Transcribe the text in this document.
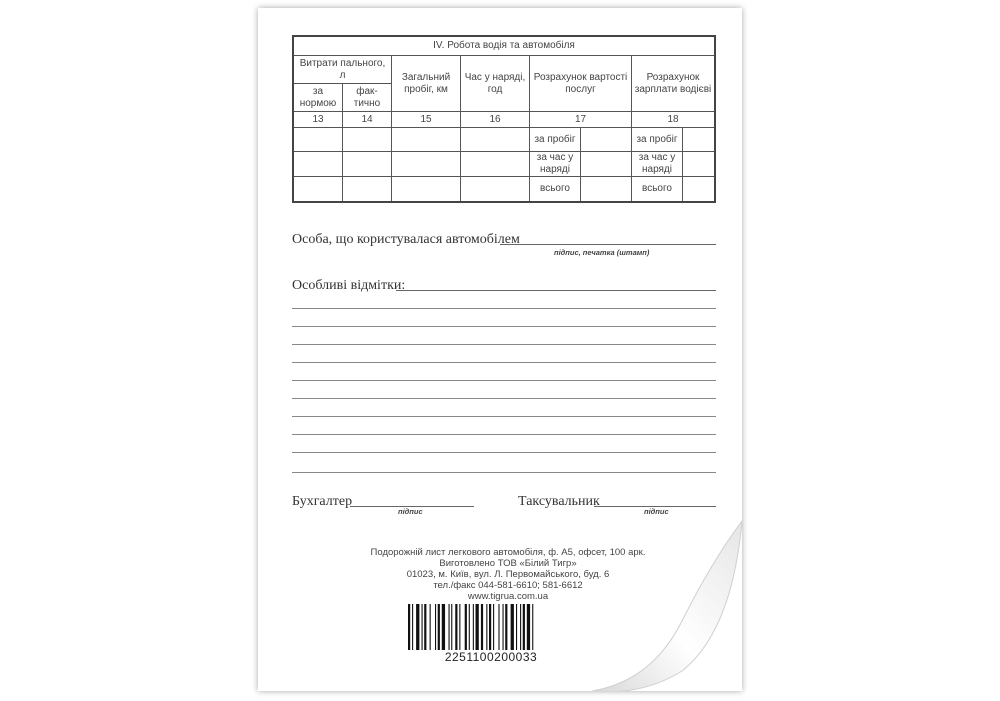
IV. Робота водія та автомобіля							
Витрати пального, л		Загальний пробіг, км	Час у наряді, год	Розрахунок вартості послуг		Розрахунок зарплати водієві	
за нормою	фак-тично						
13	14	15	16	17		18	
				за пробіг		за пробіг	
				за час у наряді		за час у наряді	
				всього		всього	
Особа, що користувалася автомобілем
підпис, печатка (штамп)
Особливі відмітки:
Бухгалтер
підпис
Таксувальник
підпис
Подорожній лист легкового автомобіля, ф. А5, офсет, 100 арк.
Виготовлено ТОВ «Білий Тигр»
01023, м. Київ, вул. Л. Первомайського, буд. 6
тел./факс 044-581-6610; 581-6612
www.tigrua.com.ua
2251100200033
